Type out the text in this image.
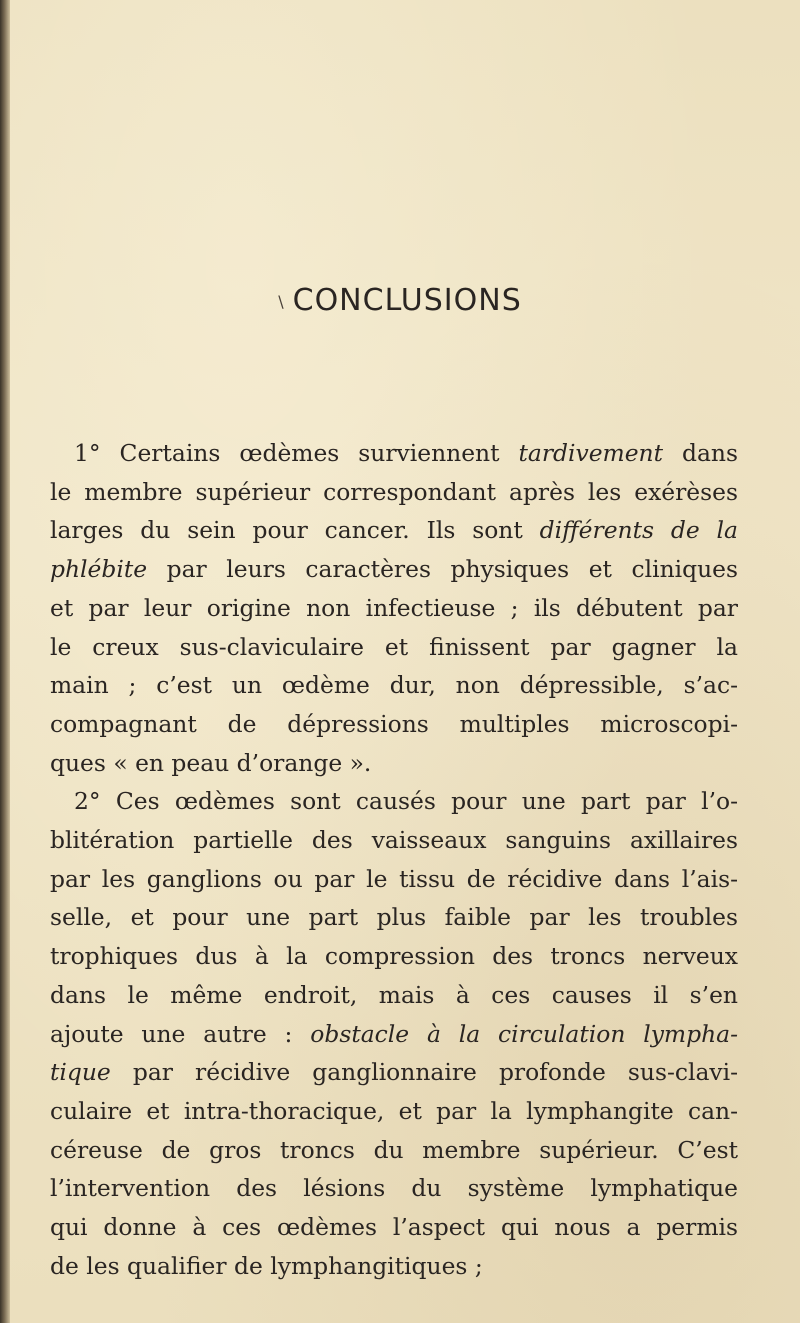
\ CONCLUSIONS
1° Certains œdèmes surviennent tardivement dans
le membre supérieur correspondant après les exérèses
larges du sein pour cancer. Ils sont différents de la
phlébite par leurs caractères physiques et cliniques
et par leur origine non infectieuse ; ils débutent par
le creux sus-claviculaire et finissent par gagner la
main ; c’est un œdème dur, non dépressible, s’ac-
compagnant de dépressions multiples microscopi-
ques « en peau d’orange ».
2° Ces œdèmes sont causés pour une part par l’o-
blitération partielle des vaisseaux sanguins axillaires
par les ganglions ou par le tissu de récidive dans l’ais-
selle, et pour une part plus faible par les troubles
trophiques dus à la compression des troncs nerveux
dans le même endroit, mais à ces causes il s’en
ajoute une autre : obstacle à la circulation lympha-
tique par récidive ganglionnaire profonde sus-clavi-
culaire et intra-thoracique, et par la lymphangite can-
céreuse de gros troncs du membre supérieur. C’est
l’intervention des lésions du système lymphatique
qui donne à ces œdèmes l’aspect qui nous a permis
de les qualifier de lymphangitiques ;
